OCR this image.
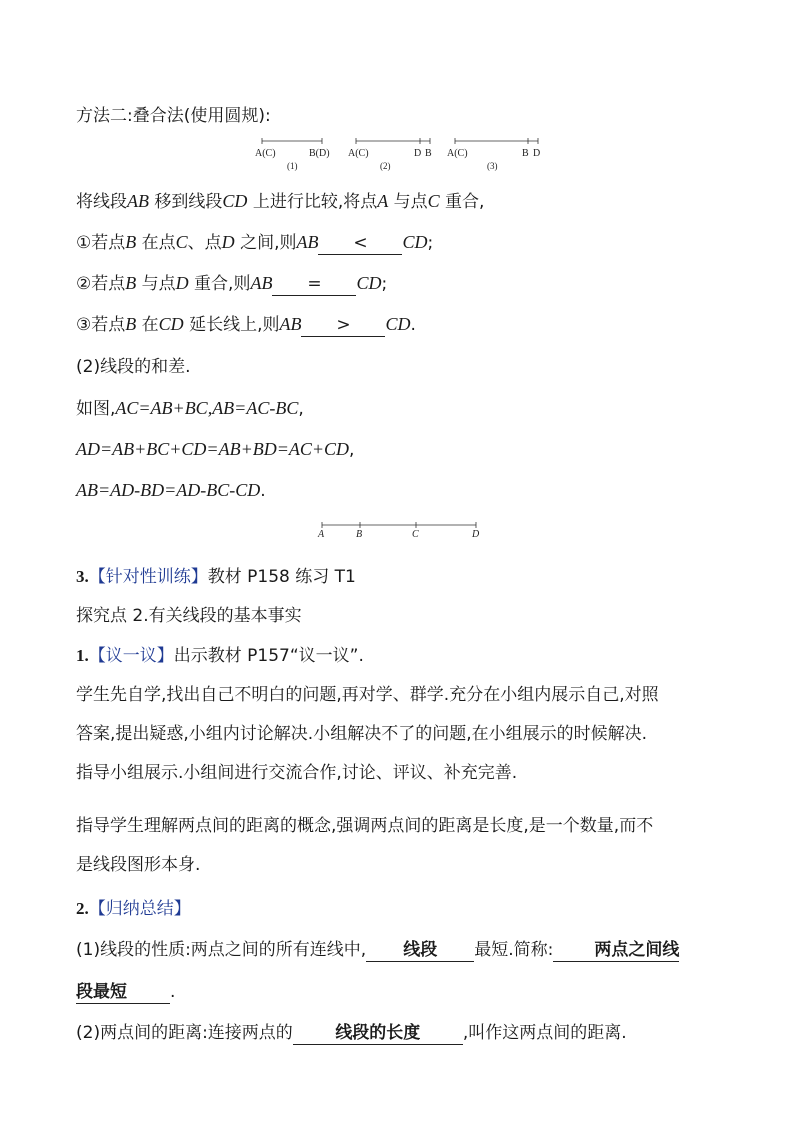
方法二:叠合法(使用圆规):
A(C)	B(D)
(1)
A(C)	D B
(2)
A(C)	B D
(3)
A	B	C	D
将线段AB 移到线段CD 上进行比较,将点A 与点C 重合,
①若点B 在点C、点D 之间,则AB < CD;
②若点B 与点D 重合,则AB = CD;
③若点B 在CD 延长线上,则AB > CD.
(2)线段的和差.
如图,AC=AB+BC,AB=AC-BC,
AD=AB+BC+CD=AB+BD=AC+CD,
AB=AD-BD=AD-BC-CD.
3.【针对性训练】教材 P158 练习 T1
探究点 2.有关线段的基本事实
1.【议一议】出示教材 P157“议一议”.
学生先自学,找出自己不明白的问题,再对学、群学.充分在小组内展示自己,对照
答案,提出疑惑,小组内讨论解决.小组解决不了的问题,在小组展示的时候解决.
指导小组展示.小组间进行交流合作,讨论、评议、补充完善.
指导学生理解两点间的距离的概念,强调两点间的距离是长度,是一个数量,而不
是线段图形本身.
2.【归纳总结】
(1)线段的性质:两点之间的所有连线中, 线段 最短.简称: 两点之间线
段最短	.
(2)两点间的距离:连接两点的	线段的长度	,叫作这两点间的距离.
